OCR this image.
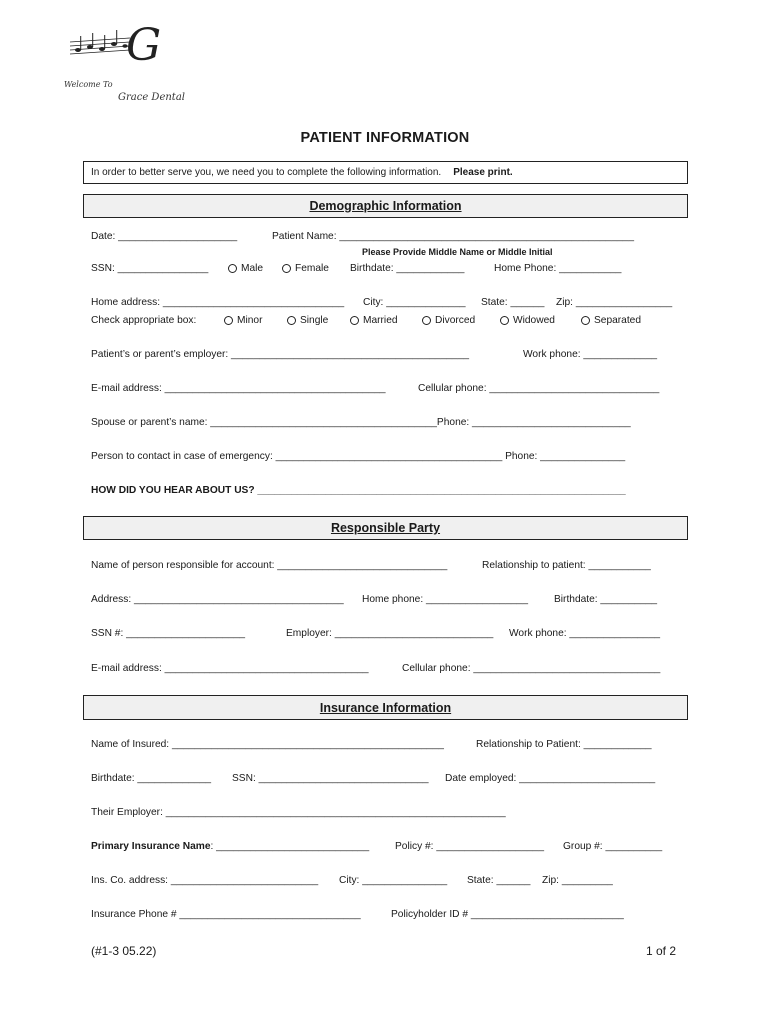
G
Welcome To
Grace Dental
PATIENT INFORMATION
In order to better serve you, we need you to complete the following information. Please print.
Demographic Information
Date: _____________________	Patient Name: ____________________________________________________
Please Provide Middle Name or Middle Initial
SSN: ________________	Male	Female Birthdate: ____________	Home Phone: ___________
Home address: ________________________________ City: ______________ State: ______ Zip: _________________
Check appropriate box:	Minor	Single	Married	Divorced	Widowed	Separated
Patient’s or parent’s employer: __________________________________________	Work phone: _____________
E-mail address: _______________________________________	Cellular phone: ______________________________
Spouse or parent’s name: ________________________________________Phone: ____________________________
Person to contact in case of emergency: ________________________________________ Phone: _______________
HOW DID YOU HEAR ABOUT US? _________________________________________________________________
Responsible Party
Name of person responsible for account: ______________________________	Relationship to patient: ___________
Address: _____________________________________ Home phone: __________________	Birthdate: __________
SSN #: _____________________	Employer: ____________________________ Work phone: ________________
E-mail address: ____________________________________	Cellular phone: _________________________________
Insurance Information
Name of Insured: ________________________________________________	Relationship to Patient: ____________
Birthdate: _____________ SSN: ______________________________ Date employed: ________________________
Their Employer: ____________________________________________________________
Primary Insurance Name: ___________________________	Policy #: ___________________ Group #: __________
Ins. Co. address: __________________________ City: _______________ State: ______ Zip: _________
Insurance Phone # ________________________________	Policyholder ID # ___________________________
(#1-3 05.22)	1 of 2
